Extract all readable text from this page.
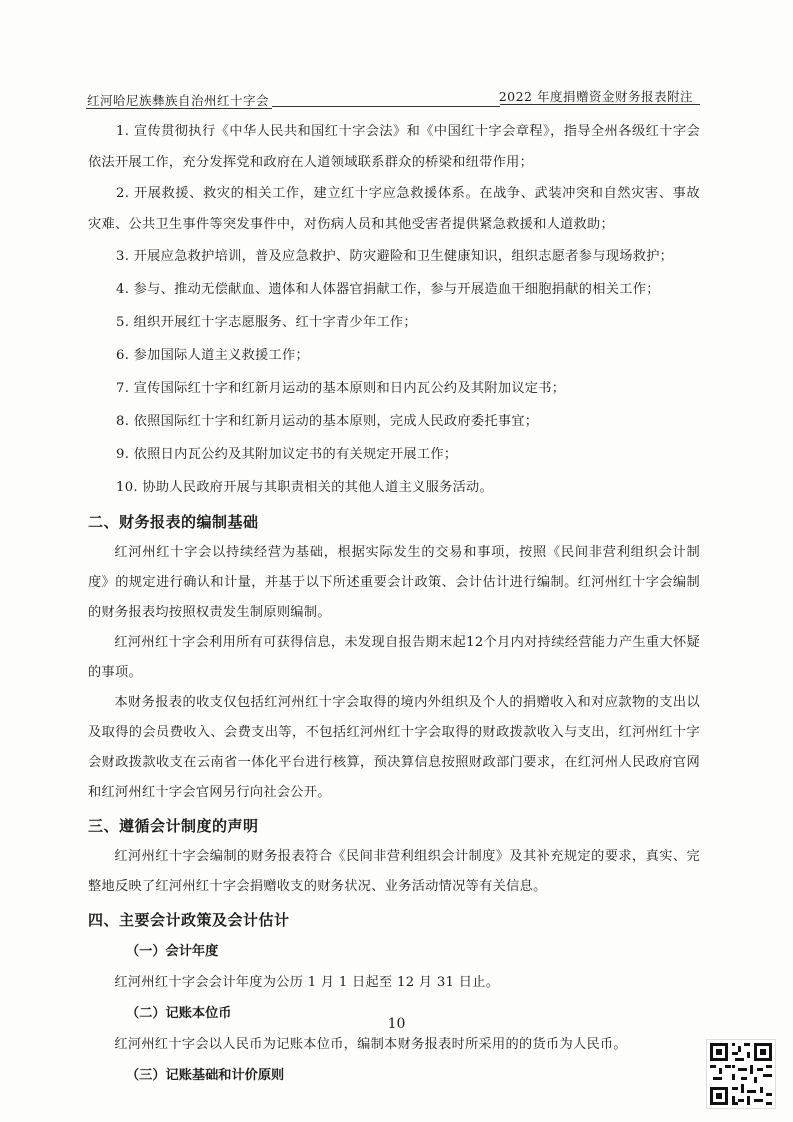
红河哈尼族彝族自治州红十字会	2022 年度捐赠资金财务报表附注

1. 宣传贯彻执行《中华人民共和国红十字会法》和《中国红十字会章程》，指导全州各级红十字会依法开展工作，充分发挥党和政府在人道领域联系群众的桥梁和纽带作用；

2. 开展救援、救灾的相关工作，建立红十字应急救援体系。在战争、武装冲突和自然灾害、事故灾难、公共卫生事件等突发事件中，对伤病人员和其他受害者提供紧急救援和人道救助；

3. 开展应急救护培训，普及应急救护、防灾避险和卫生健康知识，组织志愿者参与现场救护；

4. 参与、推动无偿献血、遗体和人体器官捐献工作，参与开展造血干细胞捐献的相关工作；

5. 组织开展红十字志愿服务、红十字青少年工作；

6. 参加国际人道主义救援工作；

7. 宣传国际红十字和红新月运动的基本原则和日内瓦公约及其附加议定书；

8. 依照国际红十字和红新月运动的基本原则，完成人民政府委托事宜；

9. 依照日内瓦公约及其附加议定书的有关规定开展工作；

10. 协助人民政府开展与其职责相关的其他人道主义服务活动。

二、财务报表的编制基础

红河州红十字会以持续经营为基础，根据实际发生的交易和事项，按照《民间非营利组织会计制度》的规定进行确认和计量，并基于以下所述重要会计政策、会计估计进行编制。红河州红十字会编制的财务报表均按照权责发生制原则编制。

红河州红十字会利用所有可获得信息，未发现自报告期末起12个月内对持续经营能力产生重大怀疑的事项。

本财务报表的收支仅包括红河州红十字会取得的境内外组织及个人的捐赠收入和对应款物的支出以及取得的会员费收入、会费支出等，不包括红河州红十字会取得的财政拨款收入与支出，红河州红十字会财政拨款收支在云南省一体化平台进行核算，预决算信息按照财政部门要求，在红河州人民政府官网和红河州红十字会官网另行向社会公开。

三、遵循会计制度的声明

红河州红十字会编制的财务报表符合《民间非营利组织会计制度》及其补充规定的要求，真实、完整地反映了红河州红十字会捐赠收支的财务状况、业务活动情况等有关信息。

四、主要会计政策及会计估计

（一）会计年度

红河州红十字会会计年度为公历 1 月 1 日起至 12 月 31 日止。

（二）记账本位币

红河州红十字会以人民币为记账本位币，编制本财务报表时所采用的的货币为人民币。

（三）记账基础和计价原则

10
